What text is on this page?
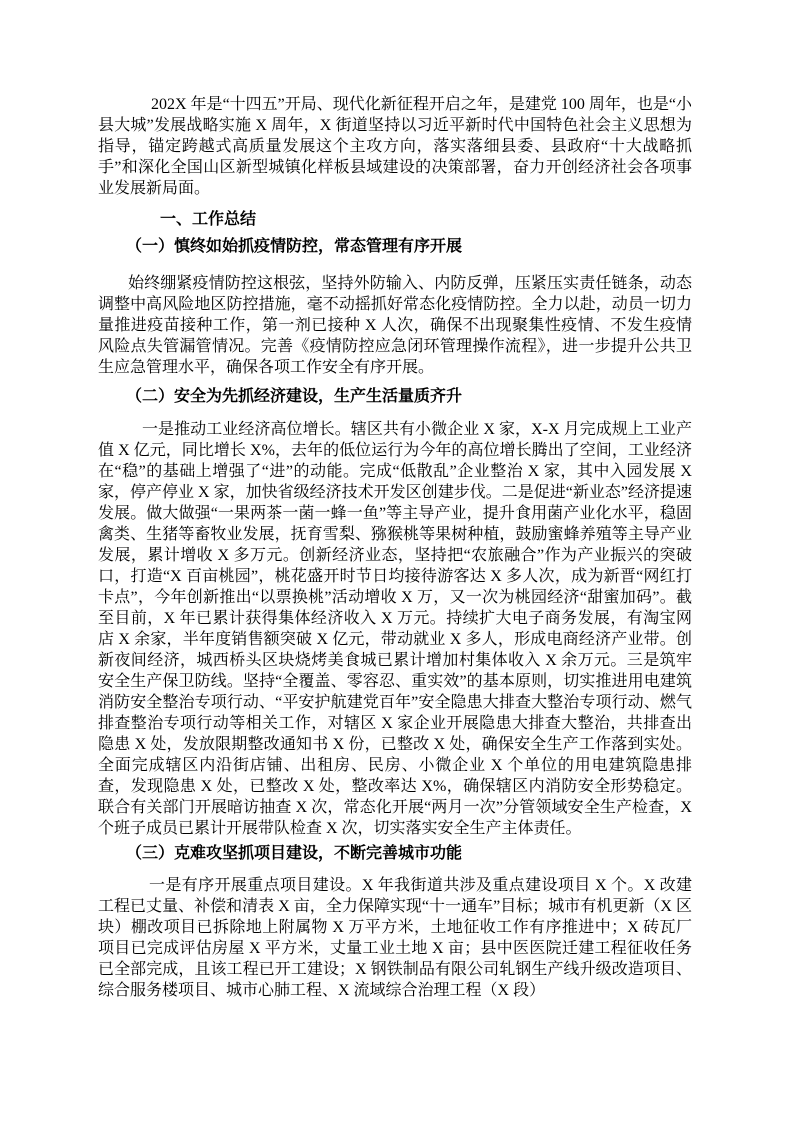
202X 年是“十四五”开局、现代化新征程开启之年，是建党 100 周年，也是“小县大城”发展战略实施 X 周年，X 街道坚持以习近平新时代中国特色社会主义思想为指导，锚定跨越式高质量发展这个主攻方向，落实落细县委、县政府“十大战略抓手”和深化全国山区新型城镇化样板县域建设的决策部署，奋力开创经济社会各项事业发展新局面。

一、工作总结

（一）慎终如始抓疫情防控，常态管理有序开展

始终绷紧疫情防控这根弦，坚持外防输入、内防反弹，压紧压实责任链条，动态调整中高风险地区防控措施，毫不动摇抓好常态化疫情防控。全力以赴，动员一切力量推进疫苗接种工作，第一剂已接种 X 人次，确保不出现聚集性疫情、不发生疫情风险点失管漏管情况。完善《疫情防控应急闭环管理操作流程》，进一步提升公共卫生应急管理水平，确保各项工作安全有序开展。

（二）安全为先抓经济建设，生产生活量质齐升

一是推动工业经济高位增长。辖区共有小微企业 X 家，X-X 月完成规上工业产值 X 亿元，同比增长 X%，去年的低位运行为今年的高位增长腾出了空间，工业经济在“稳”的基础上增强了“进”的动能。完成“低散乱”企业整治 X 家，其中入园发展 X 家，停产停业 X 家，加快省级经济技术开发区创建步伐。二是促进“新业态”经济提速发展。做大做强“一果两茶一菌一蜂一鱼”等主导产业，提升食用菌产业化水平，稳固禽类、生猪等畜牧业发展，抚育雪梨、猕猴桃等果树种植，鼓励蜜蜂养殖等主导产业发展，累计增收 X 多万元。创新经济业态，坚持把“农旅融合”作为产业振兴的突破口，打造“X 百亩桃园”，桃花盛开时节日均接待游客达 X 多人次，成为新晋“网红打卡点”，今年创新推出“以票换桃”活动增收 X 万，又一次为桃园经济“甜蜜加码”。截至目前，X 年已累计获得集体经济收入 X 万元。持续扩大电子商务发展，有淘宝网店 X 余家，半年度销售额突破 X 亿元，带动就业 X 多人，形成电商经济产业带。创新夜间经济，城西桥头区块烧烤美食城已累计增加村集体收入 X 余万元。三是筑牢安全生产保卫防线。坚持“全覆盖、零容忍、重实效”的基本原则，切实推进用电建筑消防安全整治专项行动、“平安护航建党百年”安全隐患大排查大整治专项行动、燃气排查整治专项行动等相关工作，对辖区 X 家企业开展隐患大排查大整治，共排查出隐患 X 处，发放限期整改通知书 X 份，已整改 X 处，确保安全生产工作落到实处。全面完成辖区内沿街店铺、出租房、民房、小微企业 X 个单位的用电建筑隐患排查，发现隐患 X 处，已整改 X 处，整改率达 X%，确保辖区内消防安全形势稳定。联合有关部门开展暗访抽查 X 次，常态化开展“两月一次”分管领域安全生产检查，X 个班子成员已累计开展带队检查 X 次，切实落实安全生产主体责任。

（三）克难攻坚抓项目建设，不断完善城市功能

一是有序开展重点项目建设。X 年我街道共涉及重点建设项目 X 个。X 改建工程已丈量、补偿和清表 X 亩，全力保障实现“十一通车”目标；城市有机更新（X 区块）棚改项目已拆除地上附属物 X 万平方米，土地征收工作有序推进中；X 砖瓦厂项目已完成评估房屋 X 平方米，丈量工业土地 X 亩；县中医医院迁建工程征收任务已全部完成，且该工程已开工建设；X 钢铁制品有限公司轧钢生产线升级改造项目、综合服务楼项目、城市心肺工程、X 流域综合治理工程（X 段）
